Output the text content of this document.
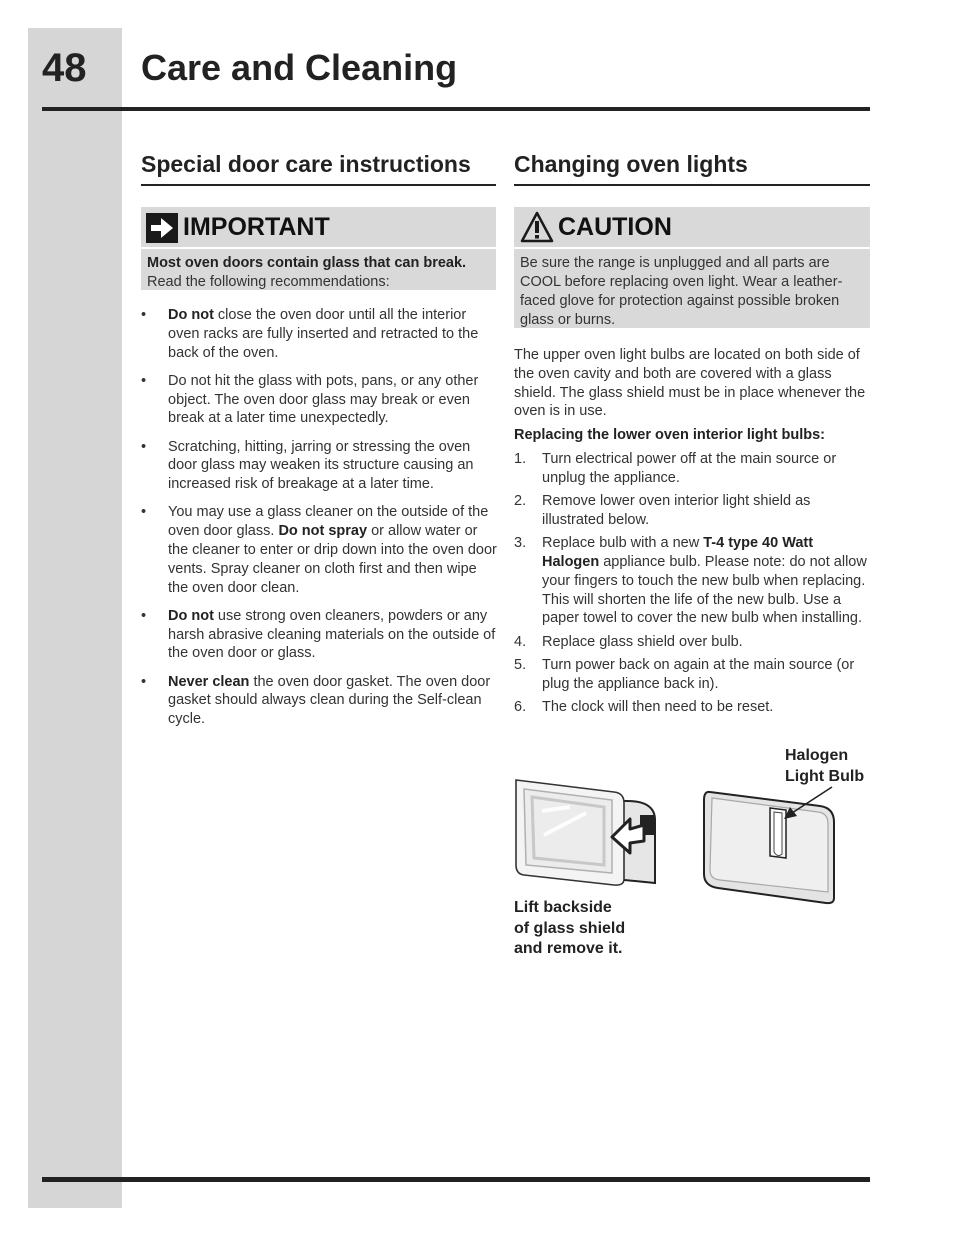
48 Care and Cleaning
Special door care instructions
IMPORTANT
Most oven doors contain glass that can break.
Read the following recommendations:
• Do not close the oven door until all the interior oven racks are fully inserted and retracted to the back of the oven.
• Do not hit the glass with pots, pans, or any other object. The oven door glass may break or even break at a later time unexpectedly.
• Scratching, hitting, jarring or stressing the oven door glass may weaken its structure causing an increased risk of breakage at a later time.
• You may use a glass cleaner on the outside of the oven door glass. Do not spray or allow water or the cleaner to enter or drip down into the oven door vents. Spray cleaner on cloth first and then wipe the oven door clean.
• Do not use strong oven cleaners, powders or any harsh abrasive cleaning materials on the outside of the oven door or glass.
• Never clean the oven door gasket. The oven door gasket should always clean during the Self-clean cycle.
Changing oven lights
CAUTION
Be sure the range is unplugged and all parts are COOL before replacing oven light. Wear a leather-faced glove for protection against possible broken glass or burns.

The upper oven light bulbs are located on both side of the oven cavity and both are covered with a glass shield. The glass shield must be in place whenever the oven is in use.

Replacing the lower oven interior light bulbs:

1. Turn electrical power off at the main source or unplug the appliance.
2. Remove lower oven interior light shield as illustrated below.
3. Replace bulb with a new T-4 type 40 Watt Halogen appliance bulb. Please note: do not allow your fingers to touch the new bulb when replacing. This will shorten the life of the new bulb. Use a paper towel to cover the new bulb when installing.
4. Replace glass shield over bulb.
5. Turn power back on again at the main source (or plug the appliance back in).
6. The clock will then need to be reset.
Halogen
Light Bulb
Lift backside
of glass shield
and remove it.
